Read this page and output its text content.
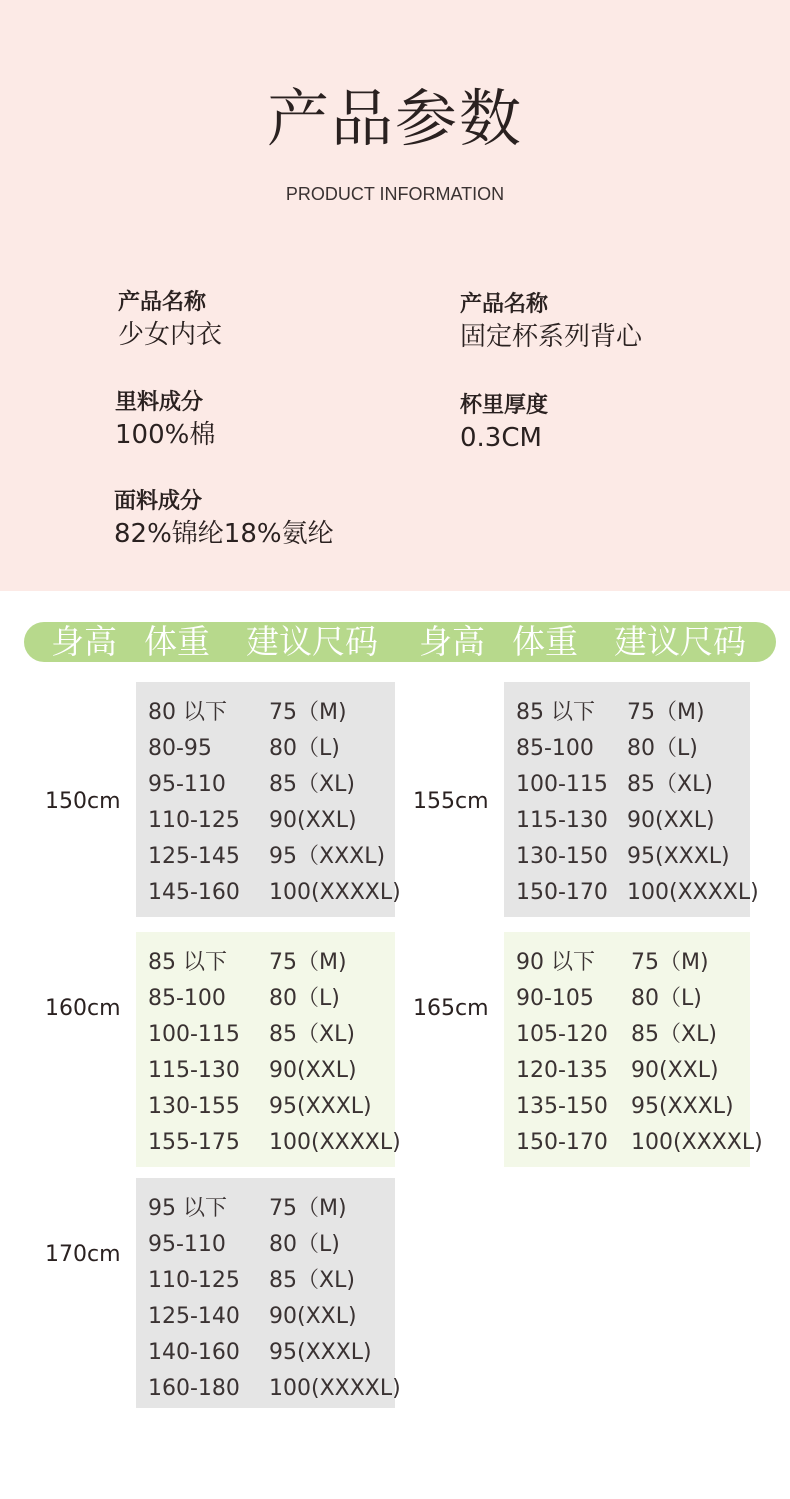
产品参数
PRODUCT INFORMATION
产品名称
少女内衣
产品名称
固定杯系列背心
里料成分
100%棉
杯里厚度
0.3CM
面料成分
82%锦纶18%氨纶
身高 体重 建议尺码 身高 体重 建议尺码
150cm
80 以下 75（M)
80-95	80（L)
95-110 85（XL)
110-125 90(XXL)
125-145 95（XXXL)
145-160 100(XXXXL)
155cm
85 以下 75（M)
85-100 80（L)
100-115 85（XL)
115-130 90(XXL)
130-150 95(XXXL)
150-170 100(XXXXL)
160cm
85 以下 75（M)
85-100 80（L)
100-115 85（XL)
115-130 90(XXL)
130-155 95(XXXL)
155-175 100(XXXXL)
165cm
90 以下 75（M)
90-105 80（L)
105-120 85（XL)
120-135 90(XXL)
135-150 95(XXXL)
150-170 100(XXXXL)
170cm
95 以下 75（M)
95-110 80（L)
110-125 85（XL)
125-140 90(XXL)
140-160 95(XXXL)
160-180 100(XXXXL)
